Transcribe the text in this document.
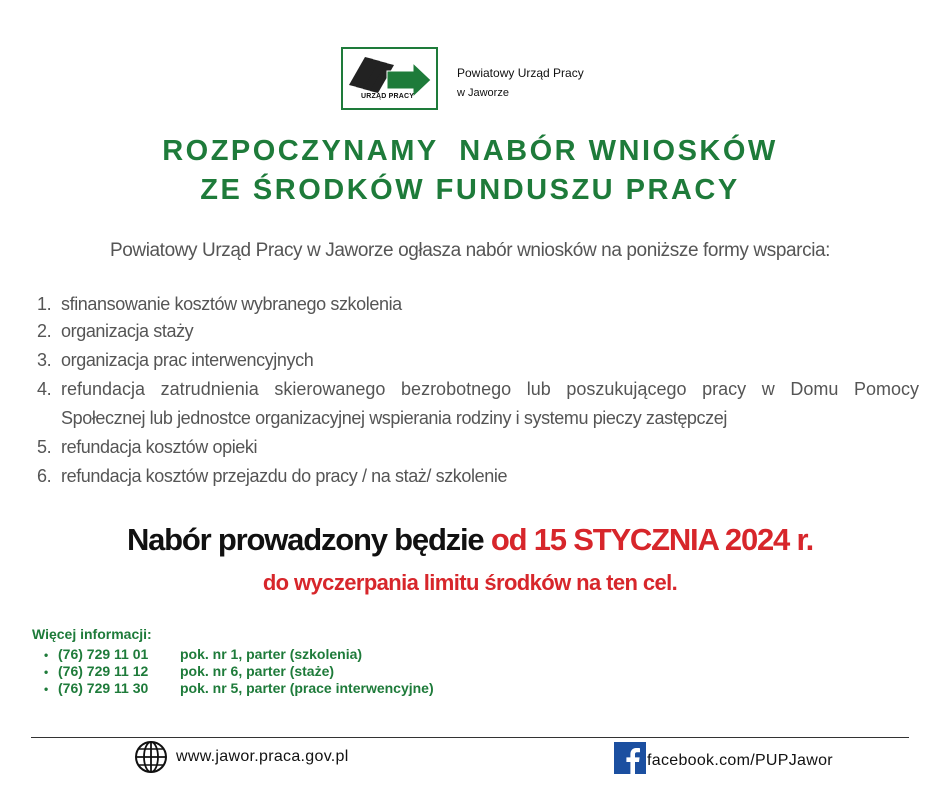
URZĄD PRACY
Powiatowy Urząd Pracy
w Jaworze
ROZPOCZYNAMY  NABÓR WNIOSKÓW
ZE ŚRODKÓW FUNDUSZU PRACY
Powiatowy Urząd Pracy w Jaworze ogłasza nabór wniosków na poniższe formy wsparcia:
1. sfinansowanie kosztów wybranego szkolenia
2. organizacja staży
3. organizacja prac interwencyjnych
4. refundacja zatrudnienia skierowanego bezrobotnego lub poszukującego pracy w Domu Pomocy
Społecznej lub jednostce organizacyjnej wspierania rodziny i systemu pieczy zastępczej
5. refundacja kosztów opieki
6. refundacja kosztów przejazdu do pracy / na staż/ szkolenie
Nabór prowadzony będzie od 15 STYCZNIA 2024 r.
do wyczerpania limitu środków na ten cel.
Więcej informacji:
• (76) 729 11 01 pok. nr 1, parter (szkolenia)
• (76) 729 11 12 pok. nr 6, parter (staże)
• (76) 729 11 30 pok. nr 5, parter (prace interwencyjne)
www.jawor.praca.gov.pl	facebook.com/PUPJawor
